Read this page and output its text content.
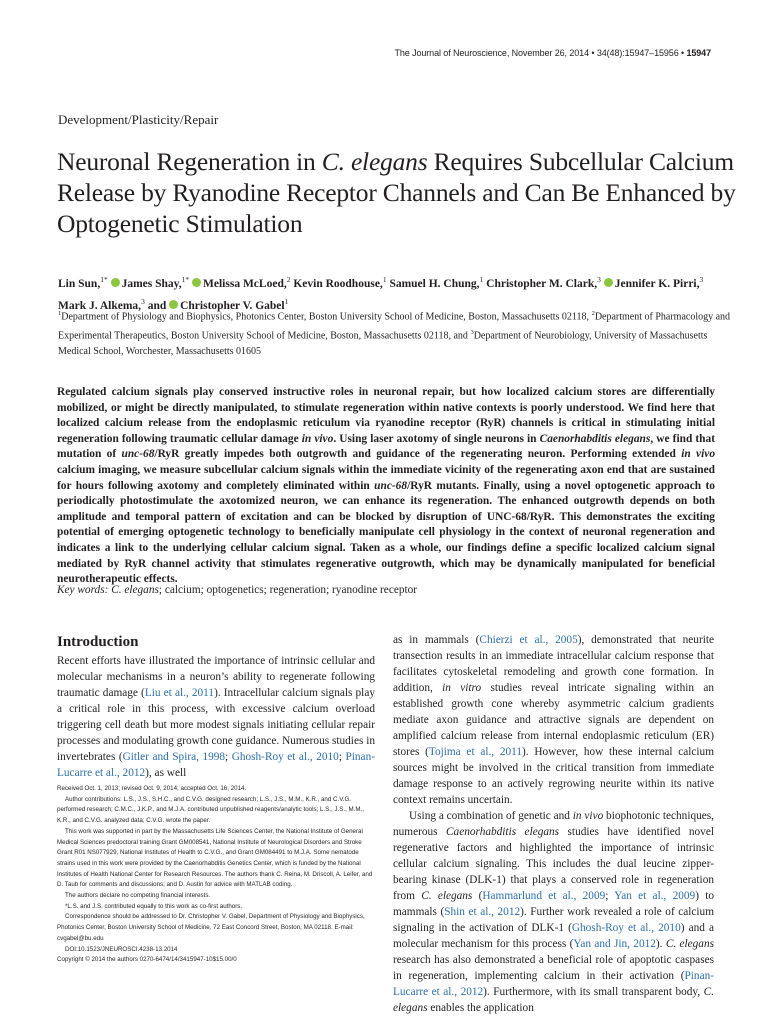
The Journal of Neuroscience, November 26, 2014 • 34(48):15947–15956 • 15947
Development/Plasticity/Repair
Neuronal Regeneration in C. elegans Requires Subcellular Calcium Release by Ryanodine Receptor Channels and Can Be Enhanced by Optogenetic Stimulation
Lin Sun,$^{1*}$ James Shay,$^{1*}$ Melissa McLoed,$^2$ Kevin Roodhouse,$^1$ Samuel H. Chung,$^1$ Christopher M. Clark,$^3$ Jennifer K. Pirri,$^3$ Mark J. Alkema,$^3$ and Christopher V. Gabel$^1$
$^1$Department of Physiology and Biophysics, Photonics Center, Boston University School of Medicine, Boston, Massachusetts 02118, $^2$Department of Pharmacology and Experimental Therapeutics, Boston University School of Medicine, Boston, Massachusetts 02118, and $^3$Department of Neurobiology, University of Massachusetts Medical School, Worchester, Massachusetts 01605

Regulated calcium signals play conserved instructive roles in neuronal repair, but how localized calcium stores are differentially mobilized, or might be directly manipulated, to stimulate regeneration within native contexts is poorly understood. We find here that localized calcium release from the endoplasmic reticulum via ryanodine receptor (RyR) channels is critical in stimulating initial regeneration following traumatic cellular damage in vivo. Using laser axotomy of single neurons in Caenorhabditis elegans, we find that mutation of unc-68/RyR greatly impedes both outgrowth and guidance of the regenerating neuron. Performing extended in vivo calcium imaging, we measure subcellular calcium signals within the immediate vicinity of the regenerating axon end that are sustained for hours following axotomy and completely eliminated within unc-68/RyR mutants. Finally, using a novel optogenetic approach to periodically photostimulate the axotomized neuron, we can enhance its regeneration. The enhanced outgrowth depends on both amplitude and temporal pattern of excitation and can be blocked by disruption of UNC-68/RyR. This demonstrates the exciting potential of emerging optogenetic technology to beneficially manipulate cell physiology in the context of neuronal regeneration and indicates a link to the underlying cellular calcium signal. Taken as a whole, our findings define a specific localized calcium signal mediated by RyR channel activity that stimulates regenerative outgrowth, which may be dynamically manipulated for beneficial neurotherapeutic effects.

Key words: C. elegans; calcium; optogenetics; regeneration; ryanodine receptor
Introduction

Recent efforts have illustrated the importance of intrinsic cellular and molecular mechanisms in a neuron’s ability to regenerate following traumatic damage (Liu et al., 2011). Intracellular calcium signals play a critical role in this process, with excessive calcium overload triggering cell death but more modest signals initiating cellular repair processes and modulating growth cone guidance. Numerous studies in invertebrates (Gitler and Spira, 1998; Ghosh-Roy et al., 2010; Pinan-Lucarre et al., 2012), as well

as in mammals (Chierzi et al., 2005), demonstrated that neurite transection results in an immediate intracellular calcium response that facilitates cytoskeletal remodeling and growth cone formation. In addition, in vitro studies reveal intricate signaling within an established growth cone whereby asymmetric calcium gradients mediate axon guidance and attractive signals are dependent on amplified calcium release from internal endoplasmic reticulum (ER) stores (Tojima et al., 2011). However, how these internal calcium sources might be involved in the critical transition from immediate damage response to an actively regrowing neurite within its native context remains uncertain.

Using a combination of genetic and in vivo biophotonic techniques, numerous Caenorhabditis elegans studies have identified novel regenerative factors and highlighted the importance of intrinsic cellular calcium signaling. This includes the dual leucine zipper-bearing kinase (DLK-1) that plays a conserved role in regeneration from C. elegans (Hammarlund et al., 2009; Yan et al., 2009) to mammals (Shin et al., 2012). Further work revealed a role of calcium signaling in the activation of DLK-1 (Ghosh-Roy et al., 2010) and a molecular mechanism for this process (Yan and Jin, 2012). C. elegans research has also demonstrated a beneficial role of apoptotic caspases in regeneration, implementing calcium in their activation (Pinan-Lucarre et al., 2012). Furthermore, with its small transparent body, C. elegans enables the application

Received Oct. 1, 2013; revised Oct. 9, 2014; accepted Oct. 16, 2014.

Author contributions: L.S., J.S., S.H.C., and C.V.G. designed research; L.S., J.S., M.M., K.R., and C.V.G. performed research; C.M.C., J.K.P., and M.J.A. contributed unpublished reagents/analytic tools; L.S., J.S., M.M., K.R., and C.V.G. analyzed data; C.V.G. wrote the paper.

This work was supported in part by the Massachusetts Life Sciences Center, the National Institute of General Medical Sciences predoctoral training Grant GM008541, National Institute of Neurological Disorders and Stroke Grant R01 NS077929, National Institutes of Health to C.V.G., and Grant GM084491 to M.J.A. Some nematode strains used in this work were provided by the Caenorhabditis Genetics Center, which is funded by the National Institutes of Health National Center for Research Resources. The authors thank C. Reina, M. Driscoll, A. Leifer, and D. Taub for comments and discussions; and D. Austin for advice with MATLAB coding.

The authors declare no competing financial interests.

*L.S. and J.S. contributed equally to this work as co-first authors.

Correspondence should be addressed to Dr. Christopher V. Gabel, Department of Physiology and Biophysics, Photonics Center, Boston University School of Medicine, 72 East Concord Street, Boston, MA 02118. E-mail: cvgabel@bu.edu

DOI:10.1523/JNEUROSCI.4238-13.2014

Copyright © 2014 the authors 0270-6474/14/3415947-10$15.00/0
